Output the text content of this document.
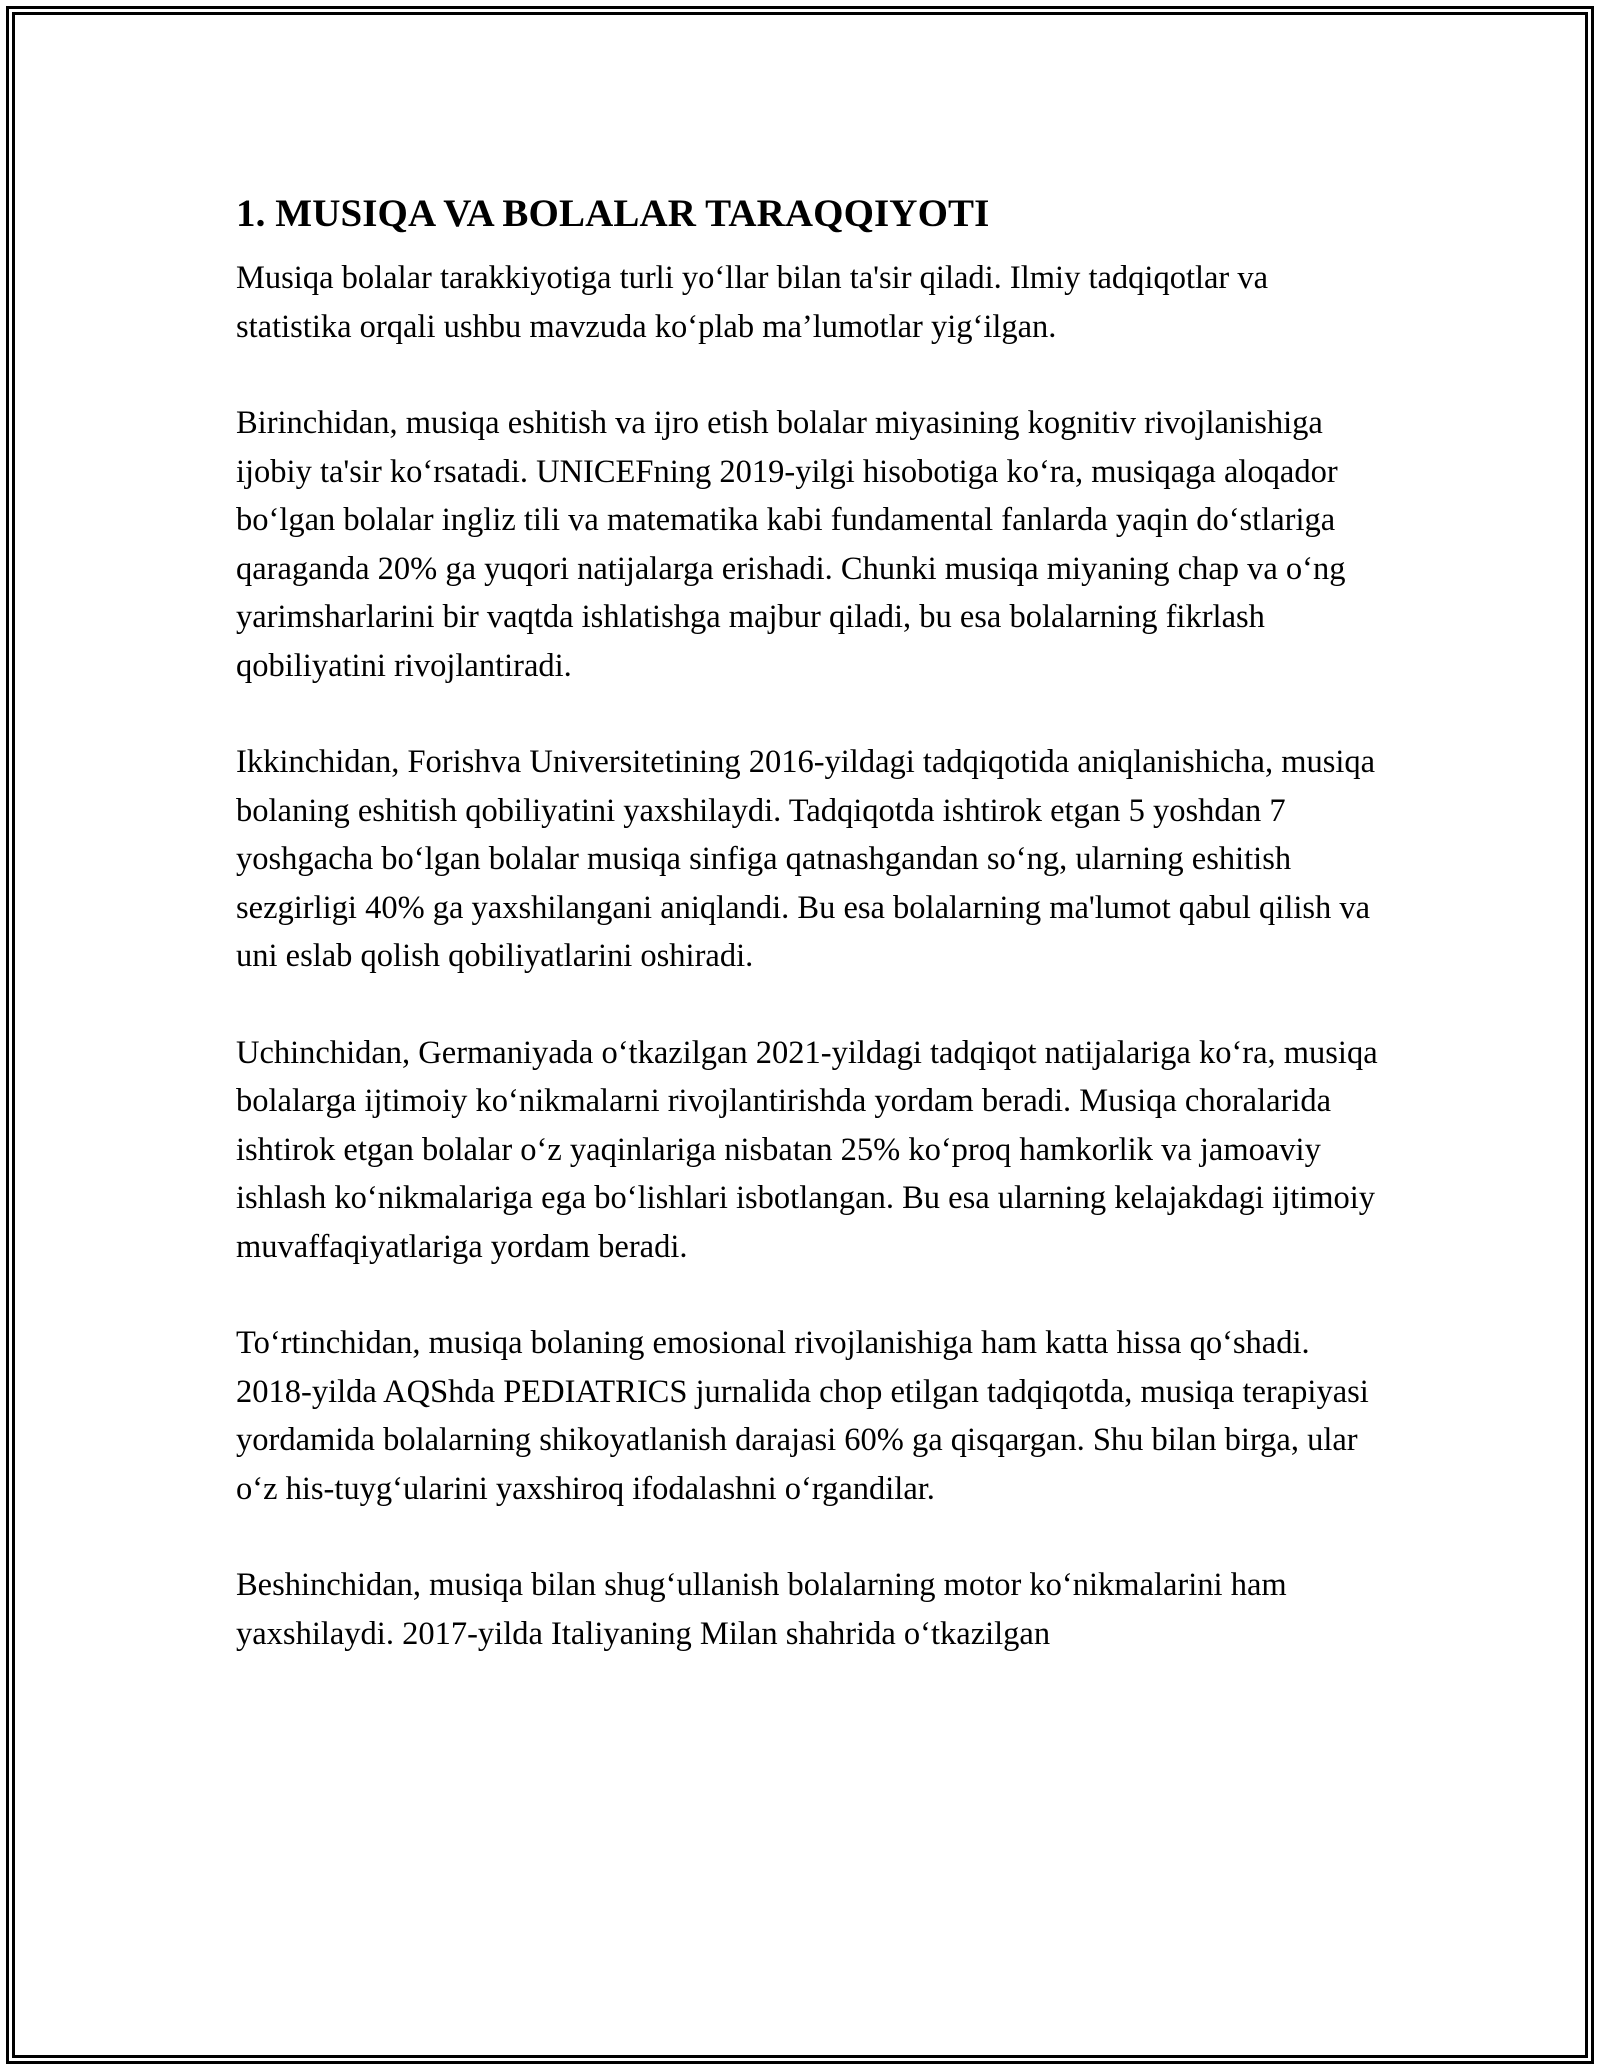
1. MUSIQA VA BOLALAR TARAQQIYOTI

Musiqa bolalar tarakkiyotiga turli yo‘llar bilan ta'sir qiladi. Ilmiy tadqiqotlar va statistika orqali ushbu mavzuda ko‘plab ma’lumotlar yig‘ilgan.

Birinchidan, musiqa eshitish va ijro etish bolalar miyasining kognitiv rivojlanishiga ijobiy ta'sir ko‘rsatadi. UNICEFning 2019-yilgi hisobotiga ko‘ra, musiqaga aloqador bo‘lgan bolalar ingliz tili va matematika kabi fundamental fanlarda yaqin do‘stlariga qaraganda 20% ga yuqori natijalarga erishadi. Chunki musiqa miyaning chap va o‘ng yarimsharlarini bir vaqtda ishlatishga majbur qiladi, bu esa bolalarning fikrlash qobiliyatini rivojlantiradi.

Ikkinchidan, Forishva Universitetining 2016-yildagi tadqiqotida aniqlanishicha, musiqa bolaning eshitish qobiliyatini yaxshilaydi. Tadqiqotda ishtirok etgan 5 yoshdan 7 yoshgacha bo‘lgan bolalar musiqa sinfiga qatnashgandan so‘ng, ularning eshitish sezgirligi 40% ga yaxshilangani aniqlandi. Bu esa bolalarning ma'lumot qabul qilish va uni eslab qolish qobiliyatlarini oshiradi.

Uchinchidan, Germaniyada o‘tkazilgan 2021-yildagi tadqiqot natijalariga ko‘ra, musiqa bolalarga ijtimoiy ko‘nikmalarni rivojlantirishda yordam beradi. Musiqa choralarida ishtirok etgan bolalar o‘z yaqinlariga nisbatan 25% ko‘proq hamkorlik va jamoaviy ishlash ko‘nikmalariga ega bo‘lishlari isbotlangan. Bu esa ularning kelajakdagi ijtimoiy muvaffaqiyatlariga yordam beradi.

To‘rtinchidan, musiqa bolaning emosional rivojlanishiga ham katta hissa qo‘shadi. 2018-yilda AQShda PEDIATRICS jurnalida chop etilgan tadqiqotda, musiqa terapiyasi yordamida bolalarning shikoyatlanish darajasi 60% ga qisqargan. Shu bilan birga, ular o‘z his-tuyg‘ularini yaxshiroq ifodalashni o‘rgandilar.

Beshinchidan, musiqa bilan shug‘ullanish bolalarning motor ko‘nikmalarini ham yaxshilaydi. 2017-yilda Italiyaning Milan shahrida o‘tkazilgan
